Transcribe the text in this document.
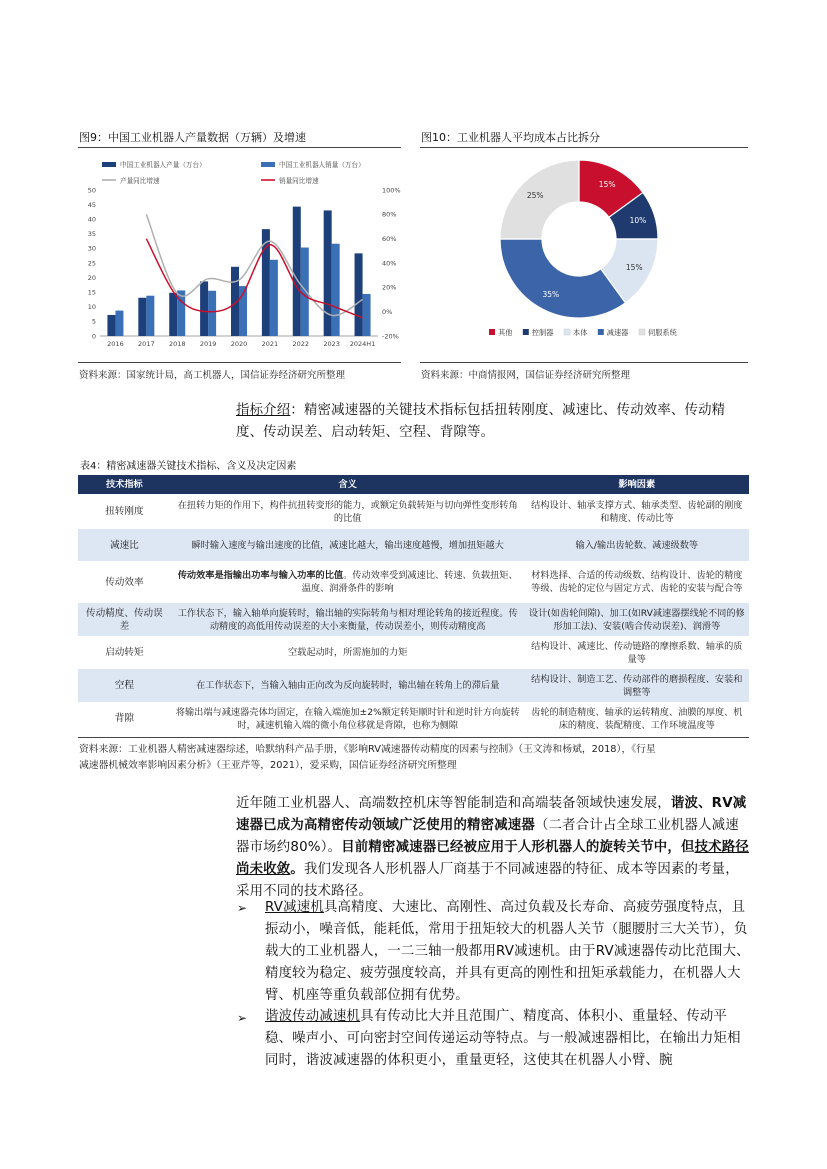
图9：中国工业机器人产量数据（万辆）及增速
中国工业机器人产量（万台）	中国工业机器人销量（万台）
产量同比增速	销量同比增速
0
5
10
15
20
25
30
35
40
45
50
-20%
0%
20%
40%
60%
80%
100%
2016 2017 2018 2019 2020 2021 2022 2023 2024H1
资料来源：国家统计局，高工机器人，国信证券经济研究所整理
图10：工业机器人平均成本占比拆分
15%
10%
15%
35%
25%
其他	控制器	本体	减速器	伺服系统
资料来源：中商情报网，国信证券经济研究所整理
指标介绍：精密减速器的关键技术指标包括扭转刚度、减速比、传动效率、传动精度、传动误差、启动转矩、空程、背隙等。
表4：精密减速器关键技术指标、含义及决定因素
技术指标	含义	影响因素
扭转刚度	在扭转力矩的作用下，构件抗扭转变形的能力，或额定负载转矩与切向弹性变形转角的比值	结构设计、轴承支撑方式、轴承类型、齿轮副的刚度和精度、传动比等
减速比	瞬时输入速度与输出速度的比值，减速比越大，输出速度越慢，增加扭矩越大	输入/输出齿轮数、减速级数等
传动效率	传动效率是指输出功率与输入功率的比值。传动效率受到减速比、转速、负载扭矩、温度、润滑条件的影响	材料选择、合适的传动级数、结构设计、齿轮的精度等级、齿轮的定位与固定方式、齿轮的安装与配合等
传动精度、传动误差	工作状态下，输入轴单向旋转时，输出轴的实际转角与相对理论转角的接近程度。传动精度的高低用传动误差的大小来衡量，传动误差小，则传动精度高	设计(如齿轮间隙)、加工(如RV减速器摆线轮不同的修形加工法)、安装(啮合传动误差)、润滑等
启动转矩	空载起动时，所需施加的力矩	结构设计、减速比、传动链路的摩擦系数、轴承的质量等
空程	在工作状态下，当输入轴由正向改为反向旋转时，输出轴在转角上的滞后量	结构设计、制造工艺、传动部件的磨损程度、安装和调整等
背隙	将输出端与减速器壳体均固定，在输入端施加±2%额定转矩顺时针和逆时针方向旋转时，减速机输入端的微小角位移就是背隙，也称为侧隙	齿轮的制造精度、轴承的运转精度、油膜的厚度、机床的精度、装配精度、工作环境温度等
资料来源：工业机器人精密减速器综述，哈默纳科产品手册，《影响RV减速器传动精度的因素与控制》（王文涛和杨斌，2018），《行星
减速器机械效率影响因素分析》（王亚芹等，2021），爱采购，国信证券经济研究所整理
近年随工业机器人、高端数控机床等智能制造和高端装备领域快速发展，谐波、RV减速器已成为高精密传动领域广泛使用的精密减速器（二者合计占全球工业机器人减速器市场约80%）。目前精密减速器已经被应用于人形机器人的旋转关节中，但技术路径尚未收敛。我们发现各人形机器人厂商基于不同减速器的特征、成本等因素的考量，采用不同的技术路径。
➢ RV减速机具高精度、大速比、高刚性、高过负载及长寿命、高疲劳强度特点，且振动小，噪音低，能耗低，常用于扭矩较大的机器人关节（腿腰肘三大关节），负载大的工业机器人，一二三轴一般都用RV减速机。由于RV减速器传动比范围大、精度较为稳定、疲劳强度较高，并具有更高的刚性和扭矩承载能力，在机器人大臂、机座等重负载部位拥有优势。
➢ 谐波传动减速机具有传动比大并且范围广、精度高、体积小、重量轻、传动平稳、噪声小、可向密封空间传递运动等特点。与一般减速器相比，在输出力矩相同时，谐波减速器的体积更小，重量更轻，这使其在机器人小臂、腕
